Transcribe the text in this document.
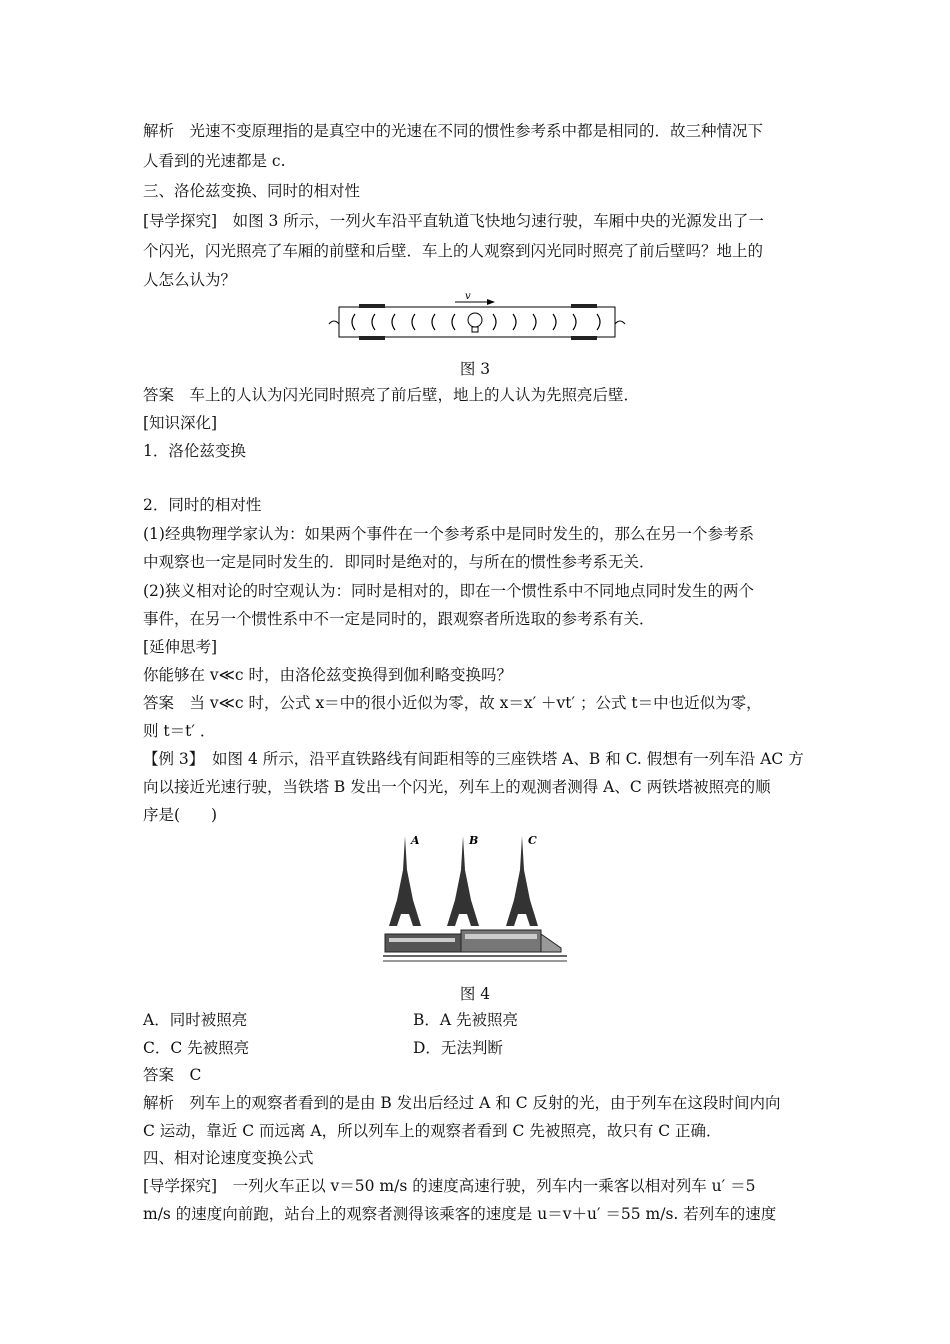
解析　光速不变原理指的是真空中的光速在不同的惯性参考系中都是相同的．故三种情况下
人看到的光速都是 c.
三、洛伦兹变换、同时的相对性
[导学探究]　如图 3 所示，一列火车沿平直轨道飞快地匀速行驶，车厢中央的光源发出了一
个闪光，闪光照亮了车厢的前壁和后壁．车上的人观察到闪光同时照亮了前后壁吗？地上的
人怎么认为？
v
图 3
答案　车上的人认为闪光同时照亮了前后壁，地上的人认为先照亮后壁．
[知识深化]
1．洛伦兹变换
2．同时的相对性
(1)经典物理学家认为：如果两个事件在一个参考系中是同时发生的，那么在另一个参考系
中观察也一定是同时发生的．即同时是绝对的，与所在的惯性参考系无关．
(2)狭义相对论的时空观认为：同时是相对的，即在一个惯性系中不同地点同时发生的两个
事件，在另一个惯性系中不一定是同时的，跟观察者所选取的参考系有关．
[延伸思考]
你能够在 v≪c 时，由洛伦兹变换得到伽利略变换吗？
答案　当 v≪c 时，公式 x＝中的很小近似为零，故 x＝x′ ＋vt′ ；公式 t＝中也近似为零，
则 t＝t′ ．
【例 3】　如图 4 所示，沿平直铁路线有间距相等的三座铁塔 A、B 和 C. 假想有一列车沿 AC 方
向以接近光速行驶，当铁塔 B 发出一个闪光，列车上的观测者测得 A、C 两铁塔被照亮的顺
序是(　　)
A	B	C
图 4
A．同时被照亮	B．A 先被照亮
C．C 先被照亮	D．无法判断
答案　C
解析　列车上的观察者看到的是由 B 发出后经过 A 和 C 反射的光，由于列车在这段时间内向
C 运动，靠近 C 而远离 A，所以列车上的观察者看到 C 先被照亮，故只有 C 正确．
四、相对论速度变换公式
[导学探究]　一列火车正以 v＝50 m/s 的速度高速行驶，列车内一乘客以相对列车 u′ ＝5
m/s 的速度向前跑，站台上的观察者测得该乘客的速度是 u＝v＋u′ ＝55 m/s. 若列车的速度
